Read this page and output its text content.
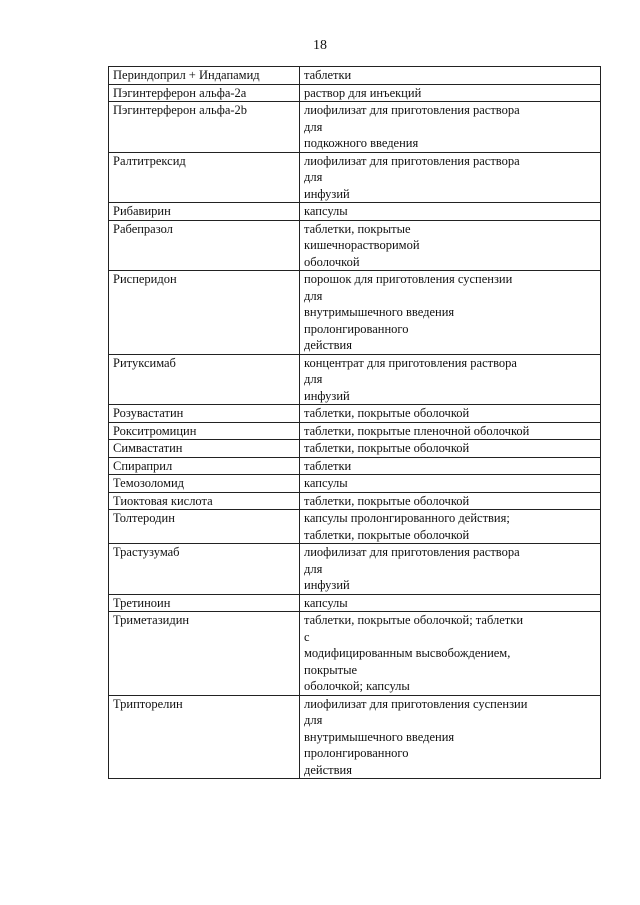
18
Периндоприл + Индапамид	таблетки

Пэгинтерферон альфа-2а	раствор для инъекций

Пэгинтерферон альфа-2b	лиофилизат для приготовления раствора
для
подкожного введения

Ралтитрексид	лиофилизат для приготовления раствора
для
инфузий

Рибавирин	капсулы

Рабепразол	таблетки, покрытые
кишечнорастворимой
оболочкой

Рисперидон	порошок для приготовления суспензии
для
внутримышечного введения
пролонгированного
действия

Ритуксимаб	концентрат для приготовления раствора
для
инфузий

Розувастатин	таблетки, покрытые оболочкой

Рокситромицин	таблетки, покрытые пленочной оболочкой

Симвастатин	таблетки, покрытые оболочкой

Спираприл	таблетки

Темозоломид	капсулы

Тиоктовая кислота	таблетки, покрытые оболочкой

Толтеродин	капсулы пролонгированного действия;
таблетки, покрытые оболочкой

Трастузумаб	лиофилизат для приготовления раствора
для
инфузий

Третиноин	капсулы

Триметазидин	таблетки, покрытые оболочкой; таблетки
с
модифицированным высвобождением,
покрытые
оболочкой; капсулы

Трипторелин	лиофилизат для приготовления суспензии
для
внутримышечного введения
пролонгированного
действия
